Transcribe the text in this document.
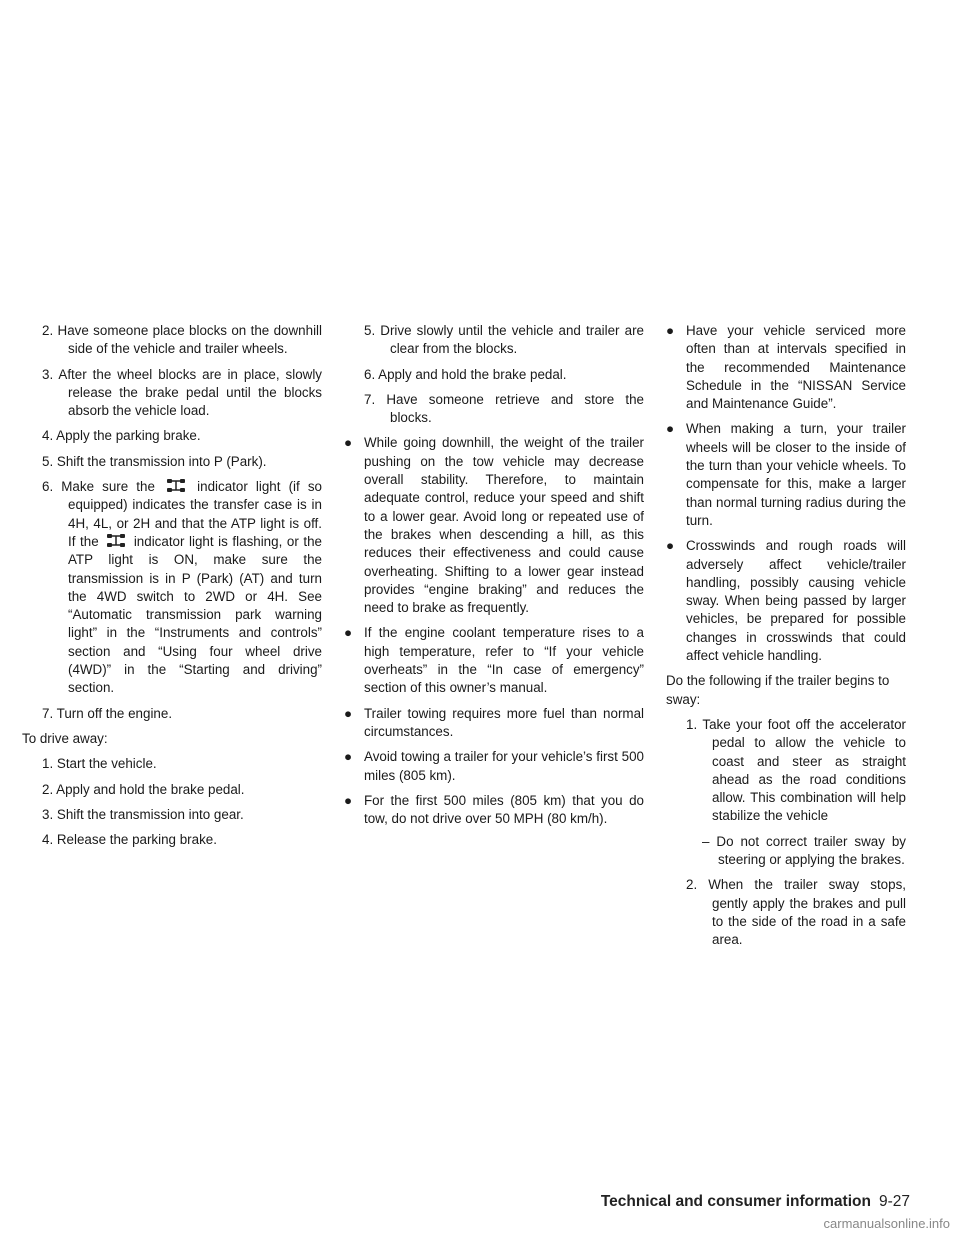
2. Have someone place blocks on the downhill side of the vehicle and trailer wheels.
3. After the wheel blocks are in place, slowly release the brake pedal until the blocks absorb the vehicle load.
4. Apply the parking brake.
5. Shift the transmission into P (Park).
6. Make sure the	indicator light (if so equipped) indicates the transfer case is in 4H, 4L, or 2H and that the ATP light is off. If the	indicator light is flashing, or the ATP light is ON, make sure the transmission is in P (Park) (AT) and turn the 4WD switch to 2WD or 4H. See “Automatic transmission park warning light” in the “Instruments and controls” section and “Using four wheel drive (4WD)” in the “Starting and driving” section.
7. Turn off the engine.
To drive away:
1. Start the vehicle.
2. Apply and hold the brake pedal.
3. Shift the transmission into gear.
4. Release the parking brake.
5. Drive slowly until the vehicle and trailer are clear from the blocks.
6. Apply and hold the brake pedal.
7. Have someone retrieve and store the blocks.
● While going downhill, the weight of the trailer pushing on the tow vehicle may decrease overall stability. Therefore, to maintain adequate control, reduce your speed and shift to a lower gear. Avoid long or repeated use of the brakes when descending a hill, as this reduces their effectiveness and could cause overheating. Shifting to a lower gear instead provides “engine braking” and reduces the need to brake as frequently.
● If the engine coolant temperature rises to a high temperature, refer to “If your vehicle overheats” in the “In case of emergency” section of this owner’s manual.
● Trailer towing requires more fuel than normal circumstances.
● Avoid towing a trailer for your vehicle’s first 500 miles (805 km).
● For the first 500 miles (805 km) that you do tow, do not drive over 50 MPH (80 km/h).
● Have your vehicle serviced more often than at intervals specified in the recommended Maintenance Schedule in the “NISSAN Service and Maintenance Guide”.
● When making a turn, your trailer wheels will be closer to the inside of the turn than your vehicle wheels. To compensate for this, make a larger than normal turning radius during the turn.
● Crosswinds and rough roads will adversely affect vehicle/trailer handling, possibly causing vehicle sway. When being passed by larger vehicles, be prepared for possible changes in crosswinds that could affect vehicle handling.
Do the following if the trailer begins to sway:
1. Take your foot off the accelerator pedal to allow the vehicle to coast and steer as straight ahead as the road conditions allow. This combination will help stabilize the vehicle
– Do not correct trailer sway by steering or applying the brakes.
2. When the trailer sway stops, gently apply the brakes and pull to the side of the road in a safe area.
Technical and consumer information 9-27
carmanualsonline.info
